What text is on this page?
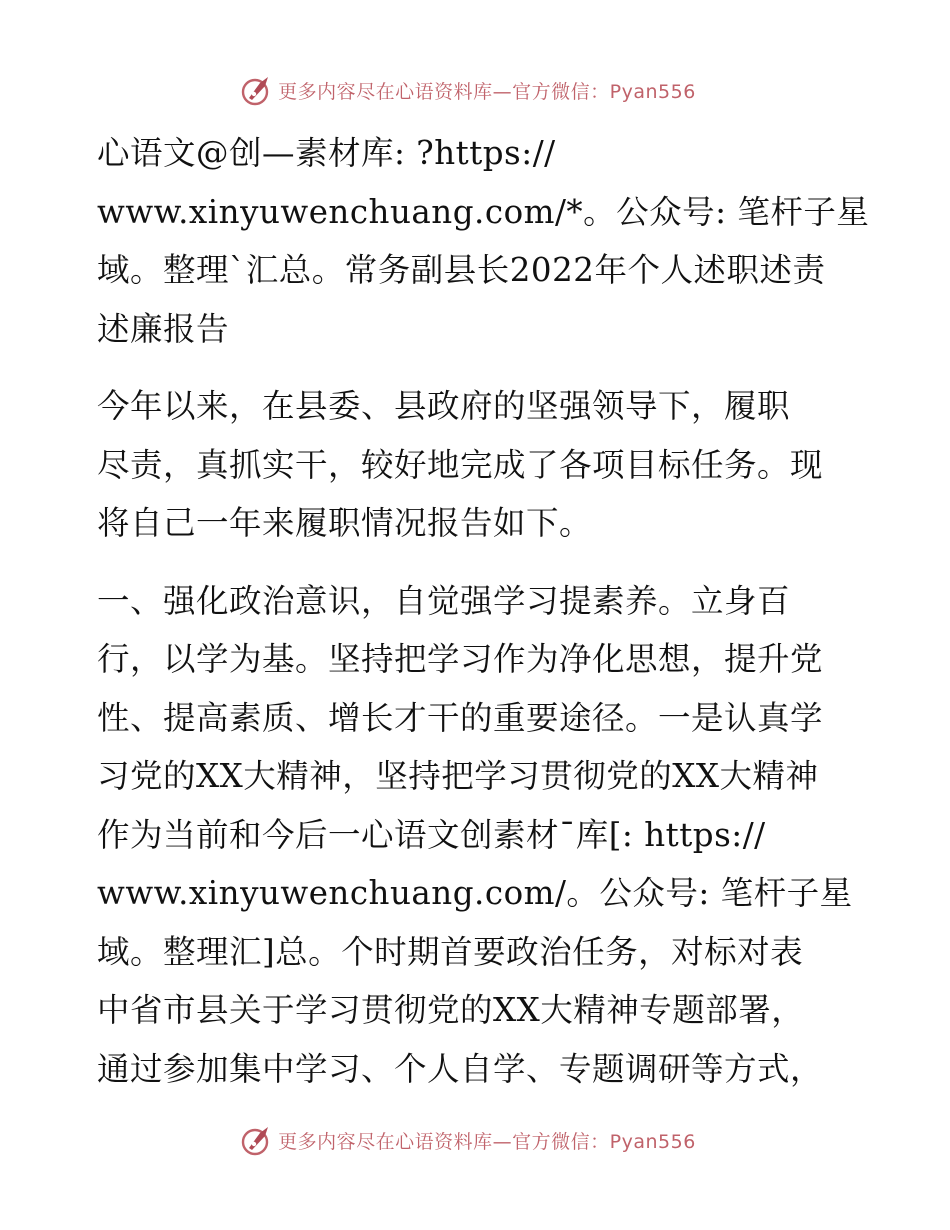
更多内容尽在心语资料库—官方微信：Pyan556
心语文@创—素材库: ?https://
www.xinyuwenchuang.com/*。公众号: 笔杆子星
域。整理`汇总。常务副县长2022年个人述职述责
述廉报告
今年以来，在县委、县政府的坚强领导下，履职
尽责，真抓实干，较好地完成了各项目标任务。现
将自己一年来履职情况报告如下。
一、强化政治意识，自觉强学习提素养。立身百
行，以学为基。坚持把学习作为净化思想，提升党
性、提高素质、增长才干的重要途径。一是认真学
习党的XX大精神，坚持把学习贯彻党的XX大精神
作为当前和今后一心语文创素材¯库[: https://
www.xinyuwenchuang.com/。公众号: 笔杆子星
域。整理汇]总。个时期首要政治任务，对标对表
中省市县关于学习贯彻党的XX大精神专题部署，
通过参加集中学习、个人自学、专题调研等方式，
更多内容尽在心语资料库—官方微信：Pyan556
